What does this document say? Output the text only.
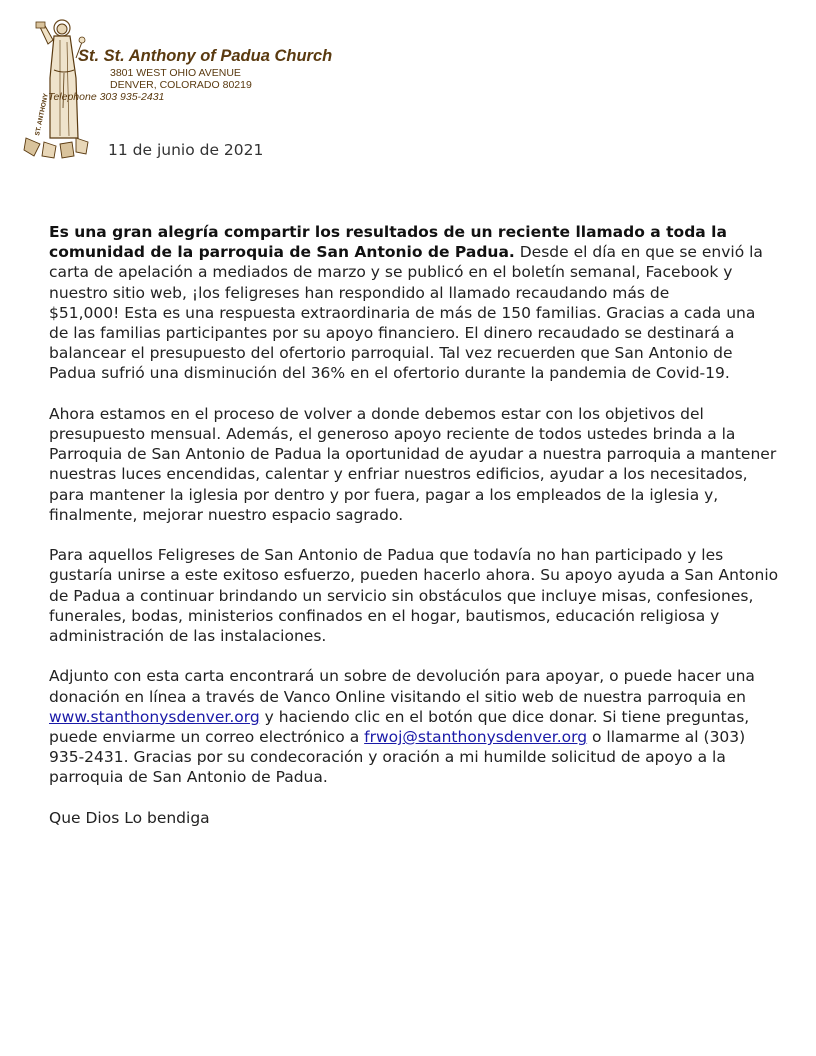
ST. ANTHONY
St. St. Anthony of Padua Church
3801 WEST OHIO AVENUE
DENVER, COLORADO 80219
Telephone 303 935-2431
11 de junio de 2021

Es una gran alegría compartir los resultados de un reciente llamado a toda la comunidad de la parroquia de San Antonio de Padua. Desde el día en que se envió la carta de apelación a mediados de marzo y se publicó en el boletín semanal, Facebook y nuestro sitio web, ¡los feligreses han respondido al llamado recaudando más de
$51,000! Esta es una respuesta extraordinaria de más de 150 familias. Gracias a cada una de las familias participantes por su apoyo financiero. El dinero recaudado se destinará a balancear el presupuesto del ofertorio parroquial. Tal vez recuerden que San Antonio de Padua sufrió una disminución del 36% en el ofertorio durante la pandemia de Covid-19.

Ahora estamos en el proceso de volver a donde debemos estar con los objetivos del presupuesto mensual. Además, el generoso apoyo reciente de todos ustedes brinda a la Parroquia de San Antonio de Padua la oportunidad de ayudar a nuestra parroquia a mantener nuestras luces encendidas, calentar y enfriar nuestros edificios, ayudar a los necesitados, para mantener la iglesia por dentro y por fuera, pagar a los empleados de la iglesia y, finalmente, mejorar nuestro espacio sagrado.

Para aquellos Feligreses de San Antonio de Padua que todavía no han participado y les gustaría unirse a este exitoso esfuerzo, pueden hacerlo ahora. Su apoyo ayuda a San Antonio de Padua a continuar brindando un servicio sin obstáculos que incluye misas, confesiones, funerales, bodas, ministerios confinados en el hogar, bautismos, educación religiosa y administración de las instalaciones.

Adjunto con esta carta encontrará un sobre de devolución para apoyar, o puede hacer una donación en línea a través de Vanco Online visitando el sitio web de nuestra parroquia en www.stanthonysdenver.org y haciendo clic en el botón que dice donar. Si tiene preguntas, puede enviarme un correo electrónico a frwoj@stanthonysdenver.org o llamarme al (303) 935-2431. Gracias por su condecoración y oración a mi humilde solicitud de apoyo a la parroquia de San Antonio de Padua.

Que Dios Lo bendiga
